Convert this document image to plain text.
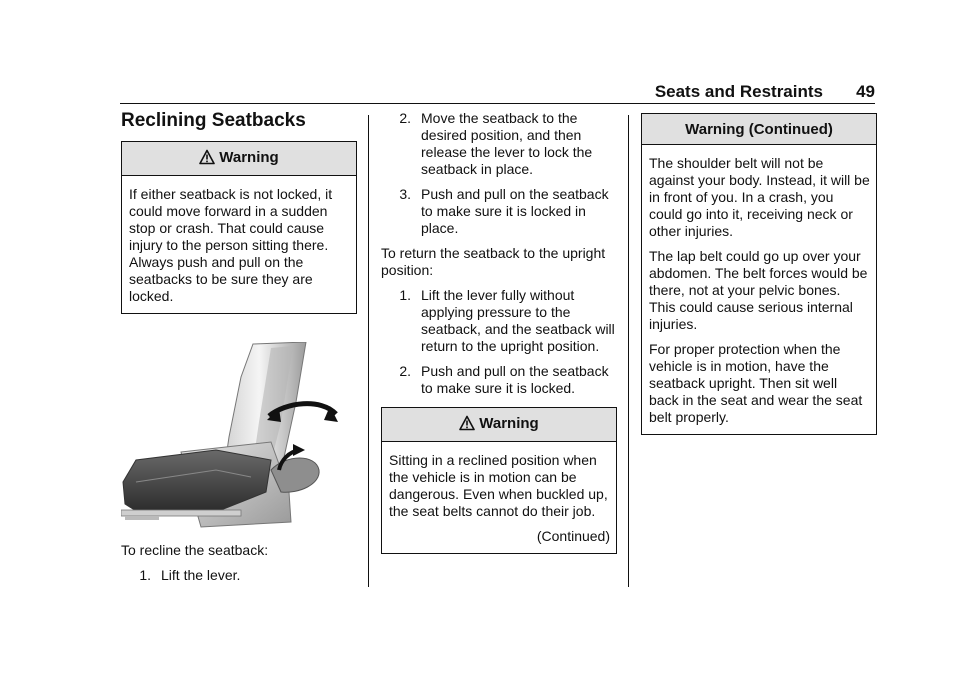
Seats and Restraints 49
Reclining Seatbacks
Warning

If either seatback is not locked, it could move forward in a sudden stop or crash. That could cause injury to the person sitting there. Always push and pull on the seatbacks to be sure they are locked.

To recline the seatback:

1. Lift the lever.
2. Move the seatback to the desired position, and then release the lever to lock the seatback in place.
3. Push and pull on the seatback to make sure it is locked in place.

To return the seatback to the upright position:

1. Lift the lever fully without applying pressure to the seatback, and the seatback will return to the upright position.
2. Push and pull on the seatback to make sure it is locked.
Warning

Sitting in a reclined position when the vehicle is in motion can be dangerous. Even when buckled up, the seat belts cannot do their job.

(Continued)
Warning (Continued)

The shoulder belt will not be against your body. Instead, it will be in front of you. In a crash, you could go into it, receiving neck or other injuries.

The lap belt could go up over your abdomen. The belt forces would be there, not at your pelvic bones. This could cause serious internal injuries.

For proper protection when the vehicle is in motion, have the seatback upright. Then sit well back in the seat and wear the seat belt properly.
